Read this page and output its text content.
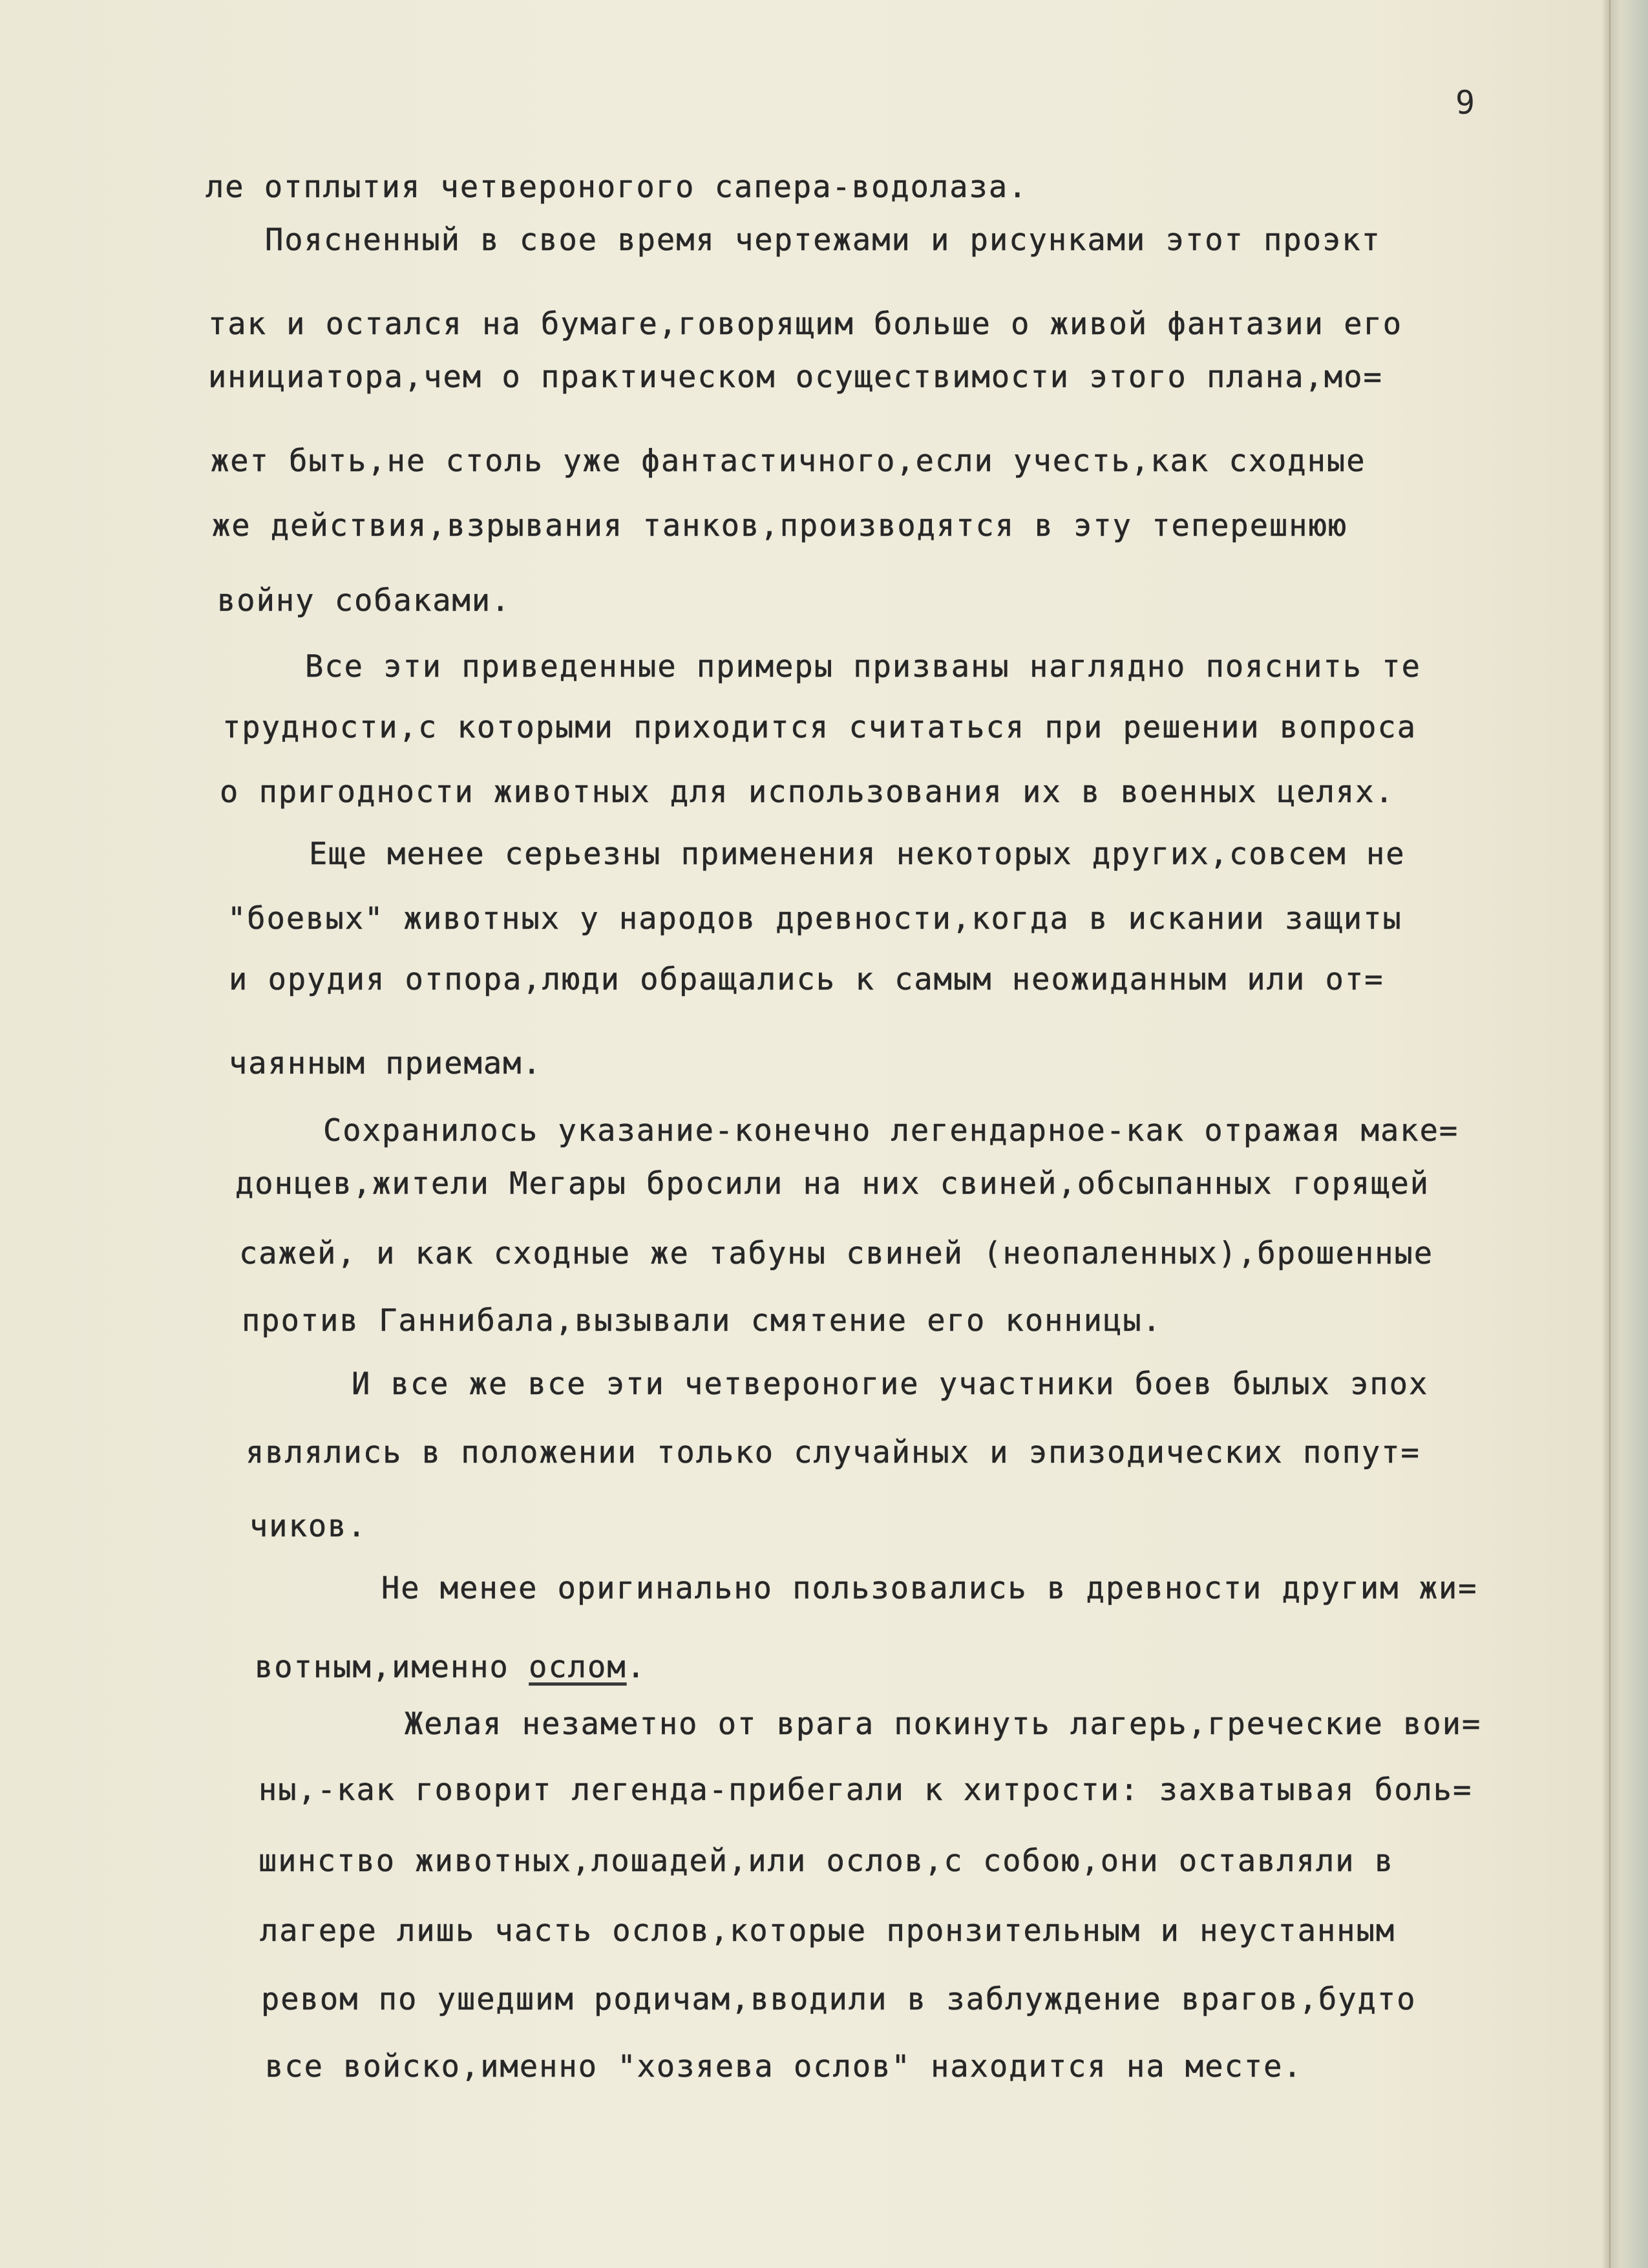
9
ле отплытия четвероногого сапера-водолаза.
Поясненный в свое время чертежами и рисунками этот проэкт
так и остался на бумаге,говорящим больше о живой фантазии его
инициатора,чем о практическом осуществимости этого плана,мо=
жет быть,не столь уже фантастичного,если учесть,как сходные
же действия,взрывания танков,производятся в эту теперешнюю
войну собаками.
Все эти приведенные примеры призваны наглядно пояснить те
трудности,с которыми приходится считаться при решении вопроса
о пригодности животных для использования их в военных целях.
Еще менее серьезны применения некоторых других,совсем не
"боевых" животных у народов древности,когда в искании защиты
и орудия отпора,люди обращались к самым неожиданным или от=
чаянным приемам.
Сохранилось указание-конечно легендарное-как отражая маке=
донцев,жители Мегары бросили на них свиней,обсыпанных горящей
сажей, и как сходные же табуны свиней (неопаленных),брошенные
против Ганнибала,вызывали смятение его конницы.
И все же все эти четвероногие участники боев былых эпох
являлись в положении только случайных и эпизодических попут=
чиков.
Не менее оригинально пользовались в древности другим жи=
вотным,именно ослом.
Желая незаметно от врага покинуть лагерь,греческие вои=
ны,-как говорит легенда-прибегали к хитрости: захватывая боль=
шинство животных,лошадей,или ослов,с собою,они оставляли в
лагере лишь часть ослов,которые пронзительным и неустанным
ревом по ушедшим родичам,вводили в заблуждение врагов,будто
все войско,именно "хозяева ослов" находится на месте.
